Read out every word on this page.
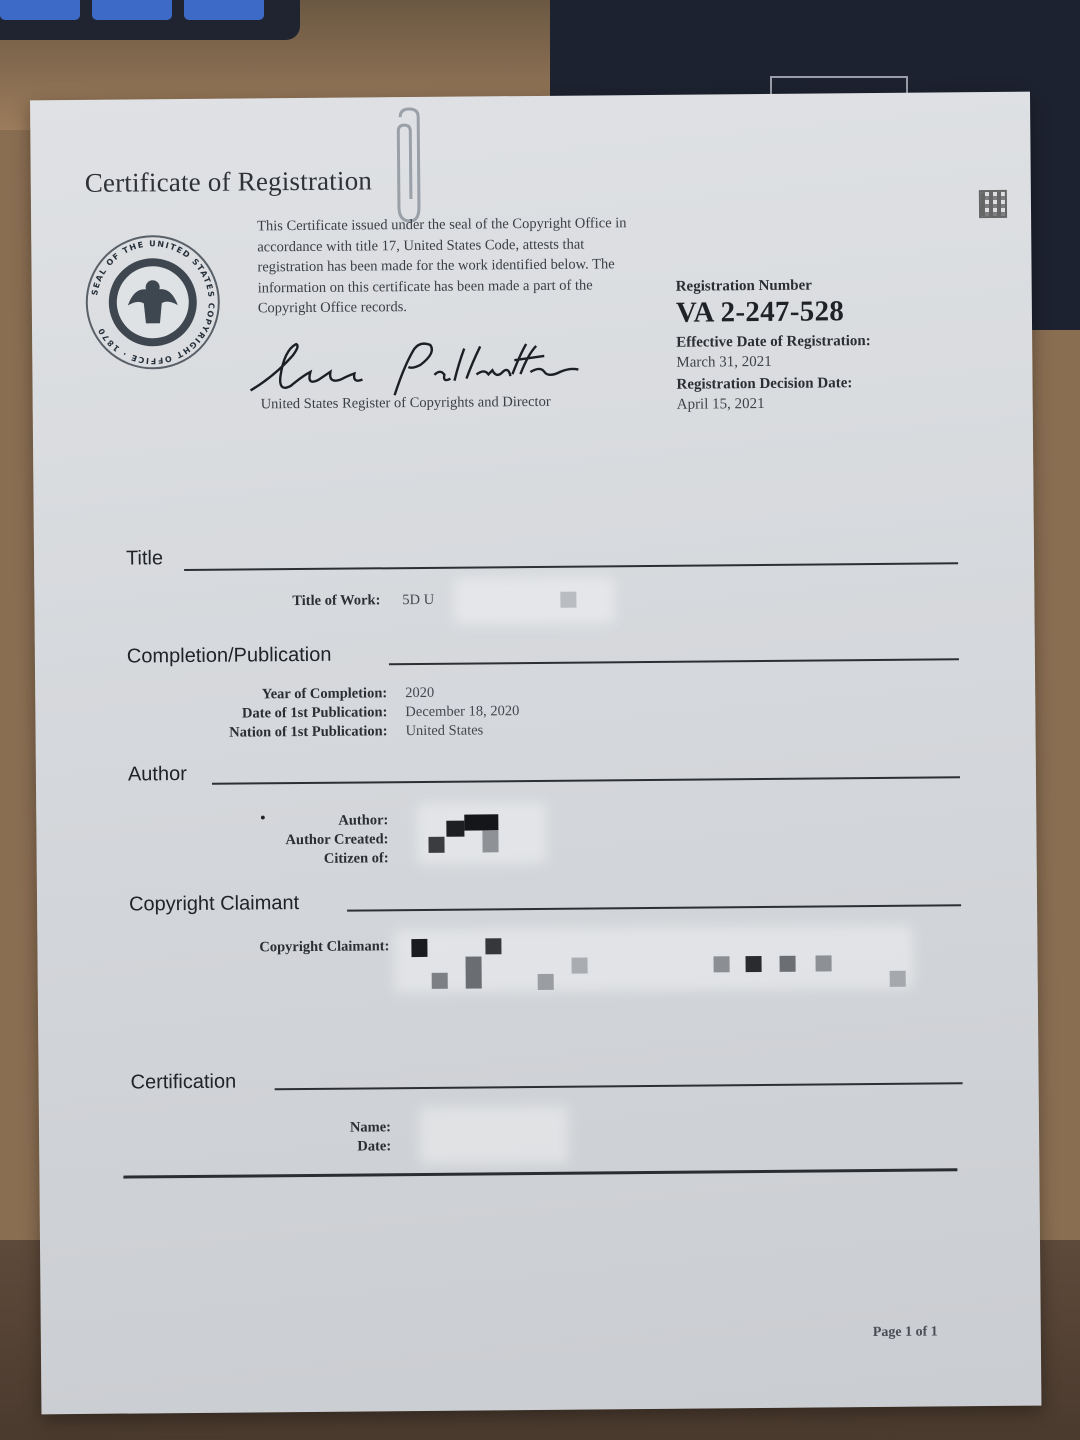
Certificate of Registration
SEAL OF THE UNITED STATES COPYRIGHT OFFICE · 1870
This Certificate issued under the seal of the Copyright Office in accordance with title 17, United States Code, attests that registration has been made for the work identified below. The information on this certificate has been made a part of the Copyright Office records.
United States Register of Copyrights and Director
Registration Number
VA 2-247-528
Effective Date of Registration:
March 31, 2021
Registration Decision Date:
April 15, 2021
Title
Title of Work: 5D U
Completion/Publication
Year of Completion: 2020
Date of 1st Publication: December 18, 2020
Nation of 1st Publication: United States
Author
•	Author:
Author Created:
Citizen of:
Copyright Claimant
Copyright Claimant:
Certification
Name:
Date:
Page 1 of 1
